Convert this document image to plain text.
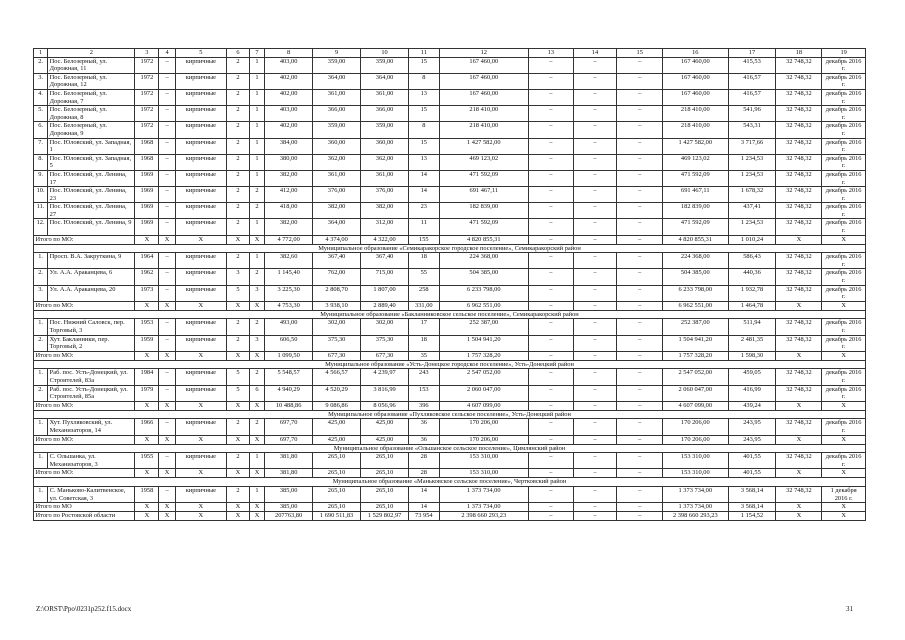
1	2	3	4	5	6	7	8	9	10	11	12	13	14	15	16	17	18	19
2.	Пос. Белозерный, ул. Дорожная, 11	1972	–	кирпичные	2	1	403,00	359,00	359,00	15	167 460,00	–	–	–	167 460,00	415,53	32 748,32	декабрь 2016 г.
3.	Пос. Белозерный, ул. Дорожная, 12	1972	–	кирпичные	2	1	402,00	364,00	364,00	8	167 460,00	–	–	–	167 460,00	416,57	32 748,32	декабрь 2016 г.
4.	Пос. Белозерный, ул. Дорожная, 7	1972	–	кирпичные	2	1	402,00	361,00	361,00	13	167 460,00	–	–	–	167 460,00	416,57	32 748,32	декабрь 2016 г.
5.	Пос. Белозерный, ул. Дорожная, 8	1972	–	кирпичные	2	1	403,00	366,00	366,00	15	218 410,00	–	–	–	218 410,00	541,96	32 748,32	декабрь 2016 г.
6.	Пос. Белозерный, ул. Дорожная, 9	1972	–	кирпичные	2	1	402,00	359,00	359,00	8	218 410,00	–	–	–	218 410,00	543,31	32 748,32	декабрь 2016 г.
7.	Пос. Юловский, ул. Западная, 1	1968	–	кирпичные	2	1	384,00	360,00	360,00	15	1 427 582,00	–	–	–	1 427 582,00	3 717,66	32 748,32	декабрь 2016 г.
8.	Пос. Юловский, ул. Западная, 5	1968	–	кирпичные	2	1	380,00	362,00	362,00	13	469 123,02	–	–	–	469 123,02	1 234,53	32 748,32	декабрь 2016 г.
9.	Пос. Юловский, ул. Ленина, 17	1969	–	кирпичные	2	1	382,00	361,00	361,00	14	471 592,09	–	–	–	471 592,09	1 234,53	32 748,32	декабрь 2016 г.
10.	Пос. Юловский, ул. Ленина, 23	1969	–	кирпичные	2	2	412,00	376,00	376,00	14	691 467,11	–	–	–	691 467,11	1 678,32	32 748,32	декабрь 2016 г.
11.	Пос. Юловский, ул. Ленина, 27	1969	–	кирпичные	2	2	418,00	382,00	382,00	23	182 839,00	–	–	–	182 839,00	437,41	32 748,32	декабрь 2016 г.
12.	Пос. Юловский, ул. Ленина, 9	1969	–	кирпичные	2	1	382,00	364,00	312,00	11	471 592,09	–	–	–	471 592,09	1 234,53	32 748,32	декабрь 2016 г.
Итого по МО:		Х	Х	Х	Х	Х	4 772,00	4 374,00	4 322,00	155	4 820 855,31	–	–	–	4 820 855,31	1 010,24	Х	Х
Муниципальное образование «Семикаракорское городское поселение», Семикаракорский район																		
1.	Просп. В.А. Закруткина, 9	1964	–	кирпичные	2	1	382,60	367,40	367,40	18	224 368,00	–	–	–	224 368,00	586,43	32 748,32	декабрь 2016 г.
2.	Ул. А.А. Араканцева, 6	1962	–	кирпичные	3	2	1 145,40	762,00	715,00	55	504 385,00	–	–	–	504 385,00	440,36	32 748,32	декабрь 2016 г.
3.	Ул. А.А. Араканцева, 20	1973	–	кирпичные	5	3	3 225,30	2 808,70	1 807,00	258	6 233 798,00	–	–	–	6 233 798,00	1 932,78	32 748,32	декабрь 2016 г.
Итого по МО:		Х	Х	Х	Х	Х	4 753,30	3 938,10	2 889,40	331,00	6 962 551,00	–	–	–	6 962 551,00	1 464,78	Х	Х
Муниципальное образование «Бакланниковское сельское поселение», Семикаракорский район																		
1.	Пос. Нижний Саловск, пер. Торговый, 3	1953	–	кирпичные	2	2	493,00	302,00	302,00	17	252 387,00	–	–	–	252 387,00	511,94	32 748,32	декабрь 2016 г.
2.	Хут. Бакланники, пер. Торговый, 2	1959	–	кирпичные	2	3	606,50	375,30	375,30	18	1 504 941,20	–	–	–	1 504 941,20	2 481,35	32 748,32	декабрь 2016 г.
Итого по МО:		Х	Х	Х	Х	Х	1 099,50	677,30	677,30	35	1 757 328,20	–	–	–	1 757 328,20	1 598,30	Х	Х
Муниципальное образование «Усть-Донецкое городское поселение», Усть-Донецкий район																		
1.	Раб. пос. Усть-Донецкий, ул. Строителей, 83а	1984	–	кирпичные	5	2	5 548,57	4 566,57	4 239,97	243	2 547 052,00	–	–	–	2 547 052,00	459,05	32 748,32	декабрь 2016 г.
2.	Раб. пос. Усть-Донецкий, ул. Строителей, 85а	1979	–	кирпичные	5	6	4 940,29	4 520,29	3 816,99	153	2 060 047,00	–	–	–	2 060 047,00	416,99	32 748,32	декабрь 2016 г.
Итого по МО:		Х	Х	Х	Х	Х	10 488,86	9 086,86	8 056,96	396	4 607 099,00	–	–	–	4 607 099,00	439,24	Х	Х
Муниципальное образование «Пухляковское сельское поселение», Усть-Донецкий район																		
1.	Хут. Пухляковский, ул. Механизаторов, 14	1966	–	кирпичные	2	2	697,70	425,00	425,00	36	170 206,00	–	–	–	170 206,00	243,95	32 748,32	декабрь 2016 г.
Итого по МО:		Х	Х	Х	Х	Х	697,70	425,00	425,00	36	170 206,00	–	–	–	170 206,00	243,95	Х	Х
Муниципальное образование «Ольшанское сельское поселение», Цимлянский район																		
1.	С. Ольшанка, ул. Механизаторов, 3	1955	–	кирпичные	2	1	381,80	265,10	265,10	28	153 310,00	–	–	–	153 310,00	401,55	32 748,32	декабрь 2016 г.
Итого по МО:		Х	Х	Х	Х	Х	381,80	265,10	265,10	28	153 310,00	–	–	–	153 310,00	401,55	Х	Х
Муниципальное образование «Маньковское сельское поселение», Чертковский район																		
1.	С. Маньково-Калитвенское, ул. Советская, 3	1958	–	кирпичные	2	1	385,00	265,10	265,10	14	1 373 734,00	–	–	–	1 373 734,00	3 568,14	32 748,32	1 декабря 2016 г.
Итого по МО		Х	Х	Х	Х	Х	385,00	265,10	265,10	14	1 373 734,00	–	–	–	1 373 734,00	3 568,14	Х	Х
Итого по Ростовской области		Х	Х	Х	Х	Х	207763,80	1 690 511,83	1 529 802,97	73 954	2 398 660 293,23	–	–	–	2 398 660 293,23	1 154,52	Х	Х
Z:\ORST\Ppo\0231p252.f15.docx	31
